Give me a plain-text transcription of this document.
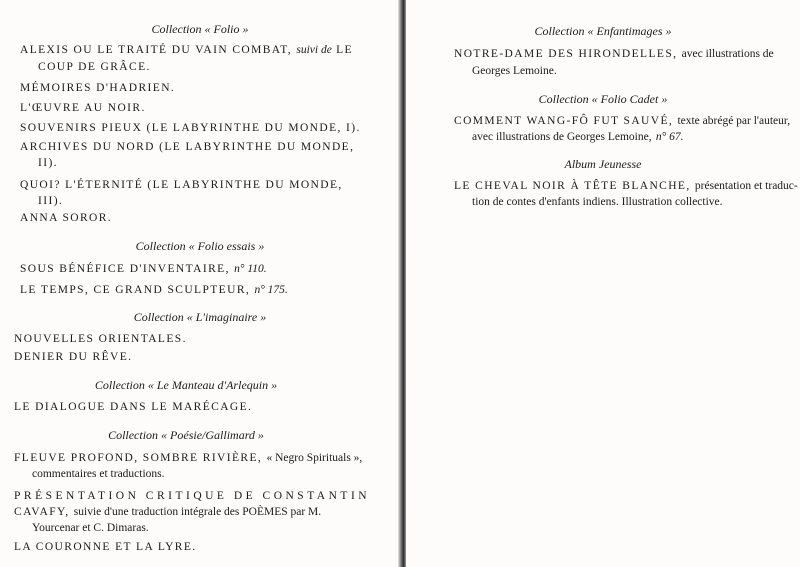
Collection « Folio »
ALEXIS OU LE TRAITÉ DU VAIN COMBAT, suivi de LE
COUP DE GRÂCE.
MÉMOIRES D'HADRIEN.
L'ŒUVRE AU NOIR.
SOUVENIRS PIEUX (LE LABYRINTHE DU MONDE, I).
ARCHIVES DU NORD (LE LABYRINTHE DU MONDE,
II).
QUOI? L'ÉTERNITÉ (LE LABYRINTHE DU MONDE,
III).
ANNA SOROR.
Collection « Folio essais »
SOUS BÉNÉFICE D'INVENTAIRE, n° 110.
LE TEMPS, CE GRAND SCULPTEUR, n° 175.
Collection « L'imaginaire »
NOUVELLES ORIENTALES.
DENIER DU RÊVE.
Collection « Le Manteau d'Arlequin »
LE DIALOGUE DANS LE MARÉCAGE.
Collection « Poésie/Gallimard »
FLEUVE PROFOND, SOMBRE RIVIÈRE, « Negro Spirituals »,
commentaires et traductions.
PRÉSENTATION CRITIQUE DE CONSTANTIN
CAVAFY, suivie d'une traduction intégrale des POÈMES par M.
Yourcenar et C. Dimaras.
LA COURONNE ET LA LYRE.
Collection « Enfantimages »
NOTRE-DAME DES HIRONDELLES, avec illustrations de
Georges Lemoine.
Collection « Folio Cadet »
COMMENT WANG-FÔ FUT SAUVÉ, texte abrégé par l'auteur,
avec illustrations de Georges Lemoine, n° 67.
Album Jeunesse
LE CHEVAL NOIR À TÊTE BLANCHE, présentation et traduc-
tion de contes d'enfants indiens. Illustration collective.
